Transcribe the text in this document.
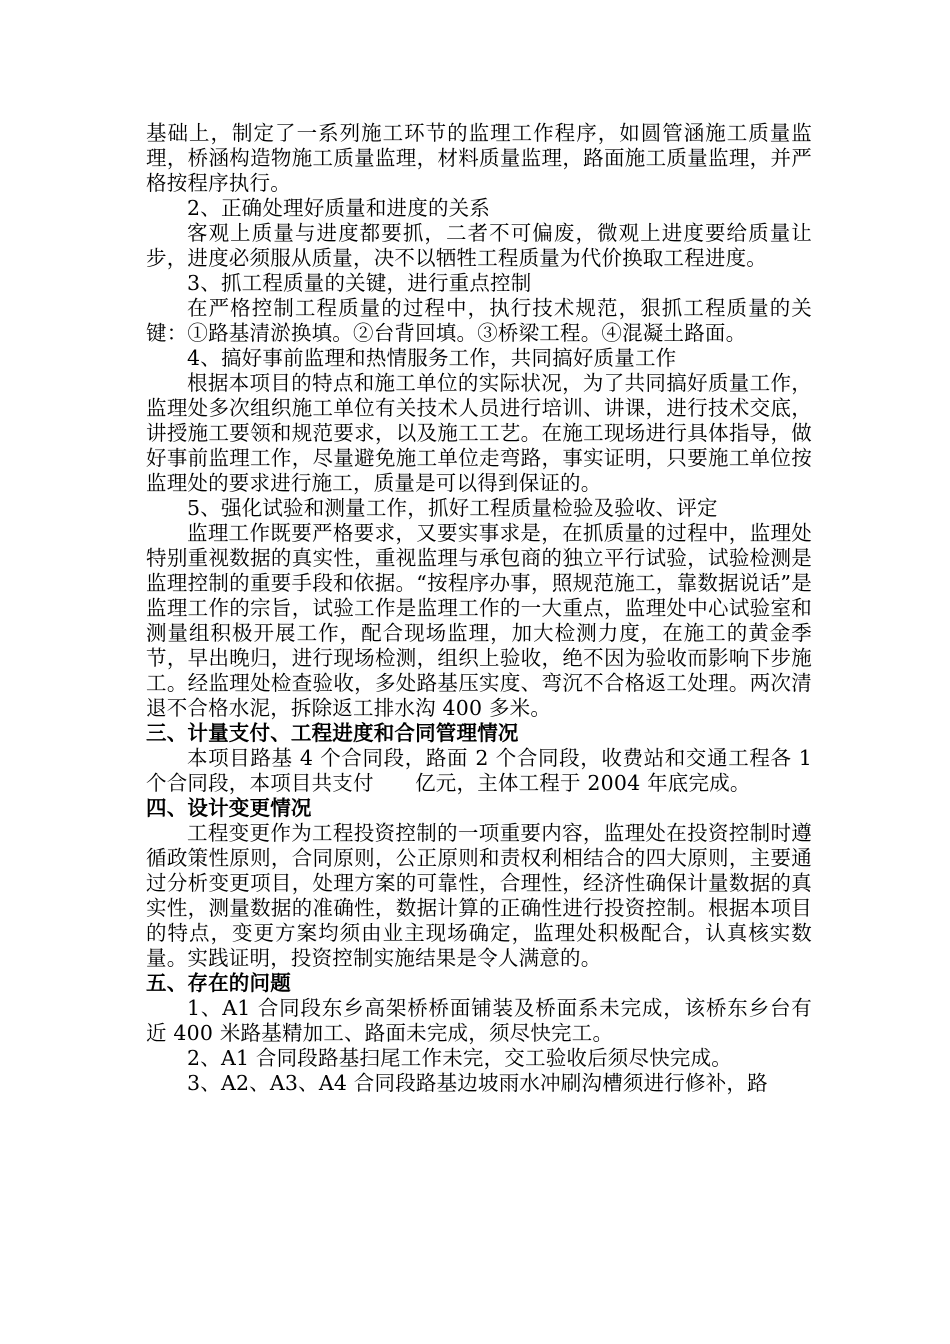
基础上，制定了一系列施工环节的监理工作程序，如圆管涵施工质量监理，桥涵构造物施工质量监理，材料质量监理，路面施工质量监理，并严格按程序执行。

2、正确处理好质量和进度的关系

客观上质量与进度都要抓，二者不可偏废，微观上进度要给质量让步，进度必须服从质量，决不以牺牲工程质量为代价换取工程进度。

3、抓工程质量的关键，进行重点控制

在严格控制工程质量的过程中，执行技术规范，狠抓工程质量的关键：①路基清淤换填。②台背回填。③桥梁工程。④混凝土路面。

4、搞好事前监理和热情服务工作，共同搞好质量工作

根据本项目的特点和施工单位的实际状况，为了共同搞好质量工作，监理处多次组织施工单位有关技术人员进行培训、讲课，进行技术交底，讲授施工要领和规范要求，以及施工工艺。在施工现场进行具体指导，做好事前监理工作，尽量避免施工单位走弯路，事实证明，只要施工单位按监理处的要求进行施工，质量是可以得到保证的。

5、强化试验和测量工作，抓好工程质量检验及验收、评定

监理工作既要严格要求，又要实事求是，在抓质量的过程中，监理处特别重视数据的真实性，重视监理与承包商的独立平行试验，试验检测是监理控制的重要手段和依据。“按程序办事，照规范施工，靠数据说话”是监理工作的宗旨，试验工作是监理工作的一大重点，监理处中心试验室和测量组积极开展工作，配合现场监理，加大检测力度，在施工的黄金季节，早出晚归，进行现场检测，组织上验收，绝不因为验收而影响下步施工。经监理处检查验收，多处路基压实度、弯沉不合格返工处理。两次清退不合格水泥，拆除返工排水沟 400 多米。

三、计量支付、工程进度和合同管理情况

本项目路基 4 个合同段，路面 2 个合同段，收费站和交通工程各 1 个合同段，本项目共支付　　亿元，主体工程于 2004 年底完成。

四、设计变更情况

工程变更作为工程投资控制的一项重要内容，监理处在投资控制时遵循政策性原则，合同原则，公正原则和责权利相结合的四大原则，主要通过分析变更项目，处理方案的可靠性，合理性，经济性确保计量数据的真实性，测量数据的准确性，数据计算的正确性进行投资控制。根据本项目的特点，变更方案均须由业主现场确定，监理处积极配合，认真核实数量。实践证明，投资控制实施结果是令人满意的。

五、存在的问题

1、A1 合同段东乡高架桥桥面铺装及桥面系未完成，该桥东乡台有近 400 米路基精加工、路面未完成，须尽快完工。

2、A1 合同段路基扫尾工作未完，交工验收后须尽快完成。

3、A2、A3、A4 合同段路基边坡雨水冲刷沟槽须进行修补，路
